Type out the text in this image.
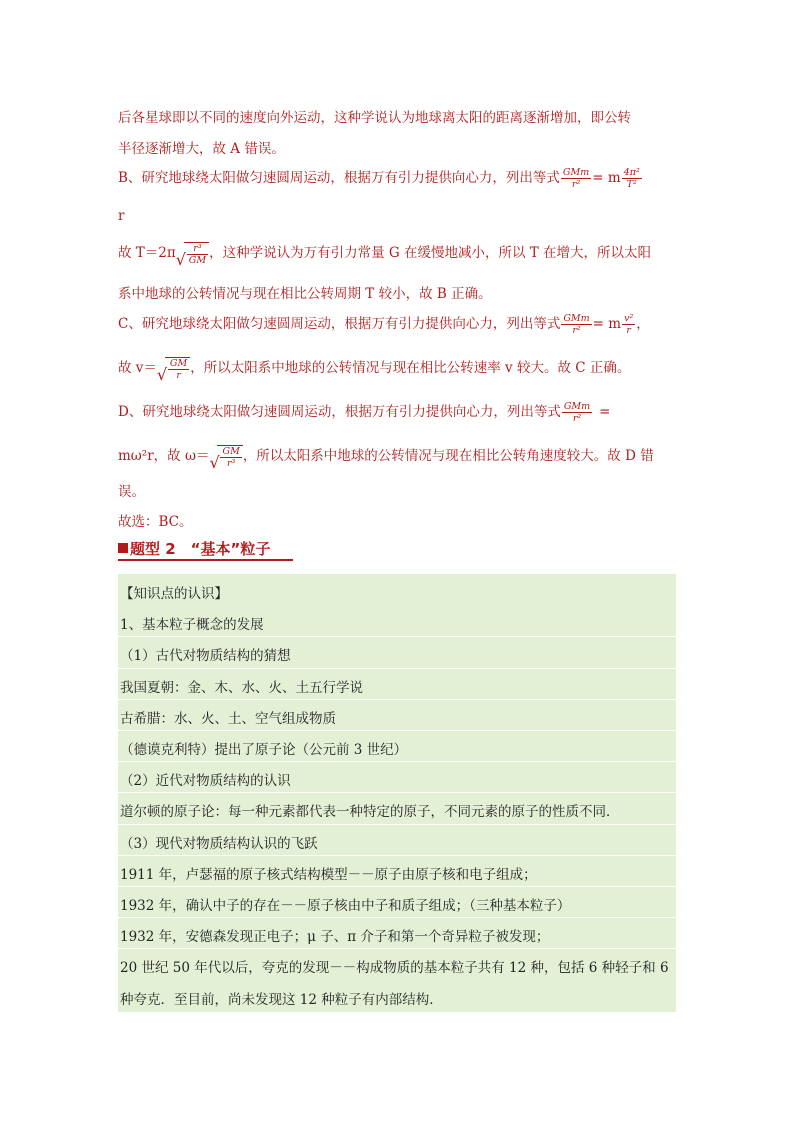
后各星球即以不同的速度向外运动，这种学说认为地球离太阳的距离逐渐增加，即公转
半径逐渐增大，故 A 错误。
B、研究地球绕太阳做匀速圆周运动，根据万有引力提供向心力，列出等式 $\frac{\text{GMm}}{\text{r²}} = m \frac{\text{4π²}}{\text{T²}}$
r
故 T＝2π √ $\frac{\text{r³}}{GM}$ ，这种学说认为万有引力常量 G 在缓慢地减小，所以 T 在增大，所以太阳
系中地球的公转情况与现在相比公转周期 T 较小，故 B 正确。
C、研究地球绕太阳做匀速圆周运动，根据万有引力提供向心力，列出等式 $\frac{\text{GMm}}{\text{r²}} = m \frac{\text{v²}}{r}$ ，
故 v＝ √ $\frac{GM}{r}$ ，所以太阳系中地球的公转情况与现在相比公转速率 v 较大。故 C 正确。
D、研究地球绕太阳做匀速圆周运动，根据万有引力提供向心力，列出等式 $\frac{\text{GMm}}{\text{r²}}$ =
mω²r，故 ω＝ √ $\frac{GM}{\text{r³}}$ ，所以太阳系中地球的公转情况与现在相比公转角速度较大。故 D 错
误。
故选：BC。
题型 2　“基本”粒子
【知识点的认识】
1、基本粒子概念的发展
（1）古代对物质结构的猜想
我国夏朝：金、木、水、火、土五行学说
古希腊：水、火、土、空气组成物质
（德谟克利特）提出了原子论（公元前 3 世纪）
（2）近代对物质结构的认识
道尔顿的原子论：每一种元素都代表一种特定的原子，不同元素的原子的性质不同．
（3）现代对物质结构认识的飞跃
1911 年，卢瑟福的原子核式结构模型－－原子由原子核和电子组成；
1932 年，确认中子的存在－－原子核由中子和质子组成；（三种基本粒子）
1932 年，安德森发现正电子；μ 子、π 介子和第一个奇异粒子被发现；
20 世纪 50 年代以后，夸克的发现－－构成物质的基本粒子共有 12 种，包括 6 种轻子和 6
种夸克．至目前，尚未发现这 12 种粒子有内部结构．
